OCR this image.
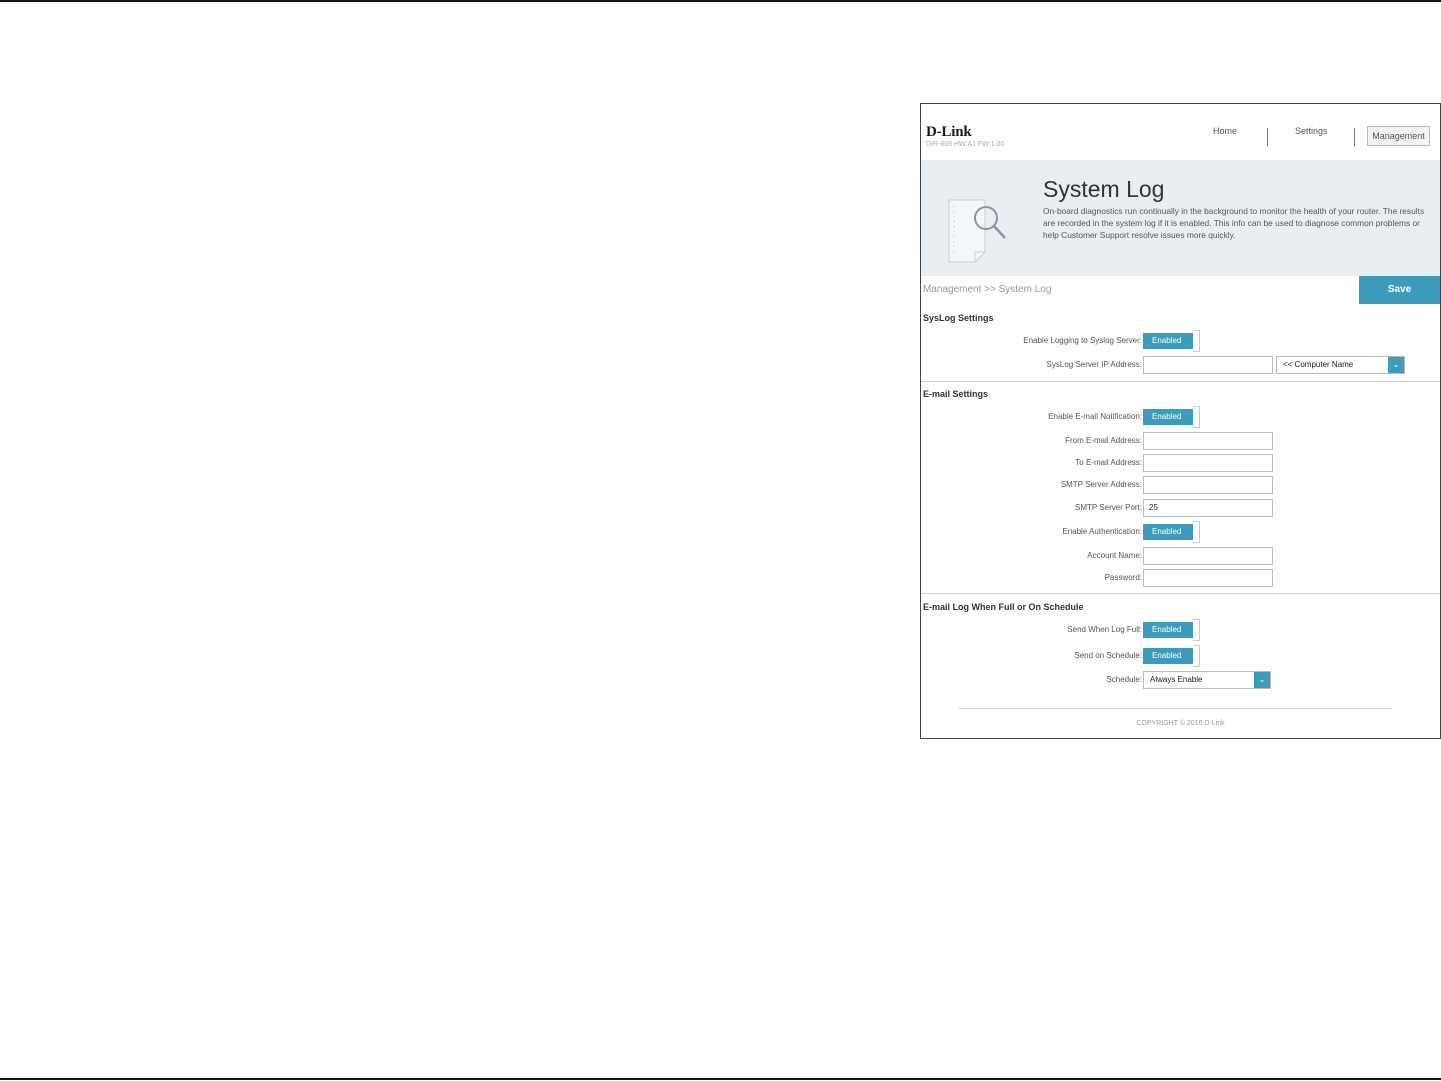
D-Link
DIR-869 HW:A1 FW:1.00
Home	Settings	Management
System Log
On-board diagnostics run continually in the background to monitor the health of your router. The results are recorded in the system log if it is enabled. This info can be used to diagnose common problems or help Customer Support resolve issues more quickly.
Management >> System Log	Save
SysLog Settings
Enable Logging to Syslog Server:	Enabled
SysLog Server IP Address:	<< Computer Name	⌄
E-mail Settings
Enable E-mail Notification:	Enabled
From E-mail Address:
To E-mail Address:
SMTP Server Address:
SMTP Server Port: 25
Enable Authentication:	Enabled
Account Name:
Password:
E-mail Log When Full or On Schedule
Send When Log Full:	Enabled
Send on Schedule:	Enabled
Schedule:	Always Enable	⌄
COPYRIGHT © 2016 D-Link
